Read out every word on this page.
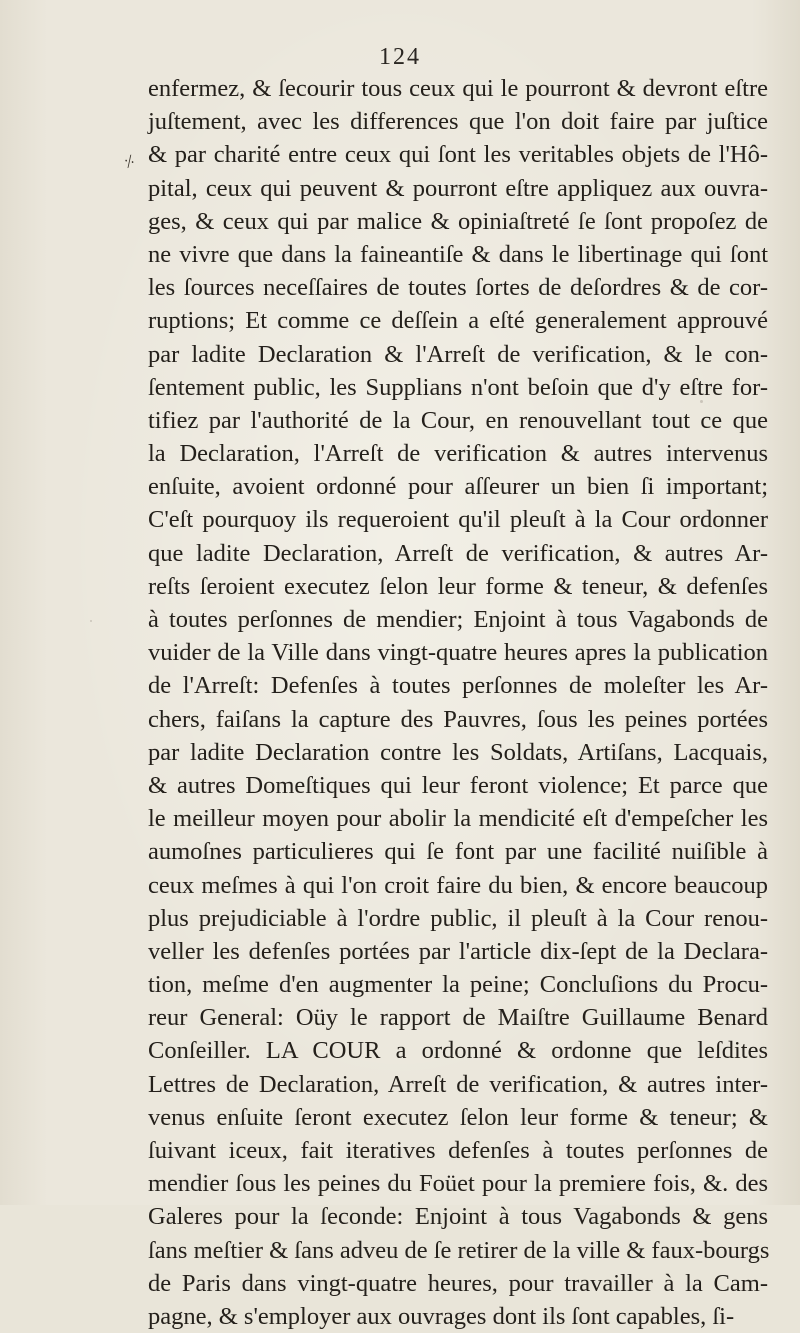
124
⸓
enfermez, & ſecourir tous ceux qui le pourront & devront eſtre
juſtement, avec les differences que l'on doit faire par juſtice
& par charité entre ceux qui ſont les veritables objets de l'Hô-
pital, ceux qui peuvent & pourront eſtre appliquez aux ouvra-
ges, & ceux qui par malice & opiniaſtreté ſe ſont propoſez de
ne vivre que dans la faineantiſe & dans le libertinage qui ſont
les ſources neceſſaires de toutes ſortes de deſordres & de cor-
ruptions; Et comme ce deſſein a eſté generalement approuvé
par ladite Declaration & l'Arreſt de verification, & le con-
ſentement public, les Supplians n'ont beſoin que d'y eſtre for-
tifiez par l'authorité de la Cour, en renouvellant tout ce que
la Declaration, l'Arreſt de verification & autres intervenus
enſuite, avoient ordonné pour aſſeurer un bien ſi important;
C'eſt pourquoy ils requeroient qu'il pleuſt à la Cour ordonner
que ladite Declaration, Arreſt de verification, & autres Ar-
reſts ſeroient executez ſelon leur forme & teneur, & defenſes
à toutes perſonnes de mendier; Enjoint à tous Vagabonds de
vuider de la Ville dans vingt-quatre heures apres la publication
de l'Arreſt: Defenſes à toutes perſonnes de moleſter les Ar-
chers, faiſans la capture des Pauvres, ſous les peines portées
par ladite Declaration contre les Soldats, Artiſans, Lacquais,
& autres Domeſtiques qui leur feront violence; Et parce que
le meilleur moyen pour abolir la mendicité eſt d'empeſcher les
aumoſnes particulieres qui ſe font par une facilité nuiſible à
ceux meſmes à qui l'on croit faire du bien, & encore beaucoup
plus prejudiciable à l'ordre public, il pleuſt à la Cour renou-
veller les defenſes portées par l'article dix-ſept de la Declara-
tion, meſme d'en augmenter la peine; Concluſions du Procu-
reur General: Oüy le rapport de Maiſtre Guillaume Benard
Conſeiller. LA COUR a ordonné & ordonne que leſdites
Lettres de Declaration, Arreſt de verification, & autres inter-
venus enſuite ſeront executez ſelon leur forme & teneur; &
ſuivant iceux, fait iteratives defenſes à toutes perſonnes de
mendier ſous les peines du Foüet pour la premiere fois, &. des
Galeres pour la ſeconde: Enjoint à tous Vagabonds & gens
ſans meſtier & ſans adveu de ſe retirer de la ville & faux-bourgs
de Paris dans vingt-quatre heures, pour travailler à la Cam-
pagne, & s'employer aux ouvrages dont ils ſont capables, ſi-
